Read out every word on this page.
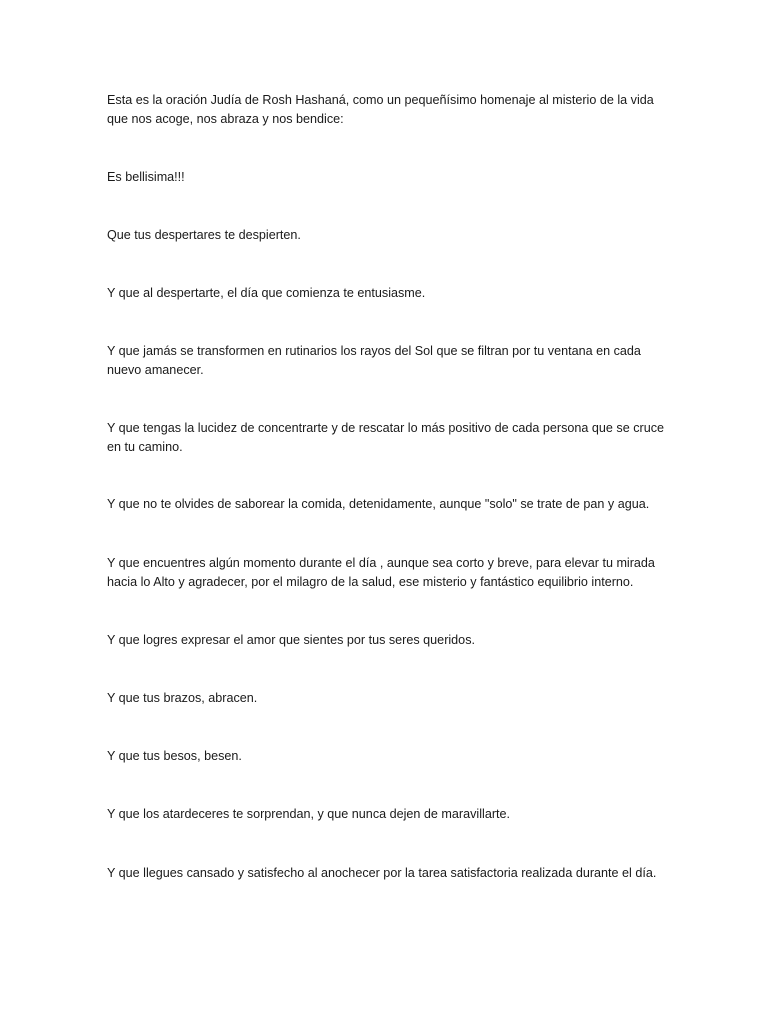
Esta es la oración Judía de Rosh Hashaná, como un pequeñísimo homenaje al misterio de la vida que nos acoge, nos abraza y nos bendice:

Es bellisima!!!

Que tus despertares te despierten.

Y que al despertarte, el día que comienza te entusiasme.

Y que jamás se transformen en rutinarios los rayos del Sol que se filtran por tu ventana en cada nuevo amanecer.

Y que tengas la lucidez de concentrarte y de rescatar lo más positivo de cada persona que se cruce en tu camino.

Y que no te olvides de saborear la comida, detenidamente, aunque "solo" se trate de pan y agua.

Y que encuentres algún momento durante el día , aunque sea corto y breve, para elevar tu mirada hacia lo Alto y agradecer, por el milagro de la salud, ese misterio y fantástico equilibrio interno.

Y que logres expresar el amor que sientes por tus seres queridos.

Y que tus brazos, abracen.

Y que tus besos, besen.

Y que los atardeceres te sorprendan, y que nunca dejen de maravillarte.

Y que llegues cansado y satisfecho al anochecer por la tarea satisfactoria realizada durante el día.
